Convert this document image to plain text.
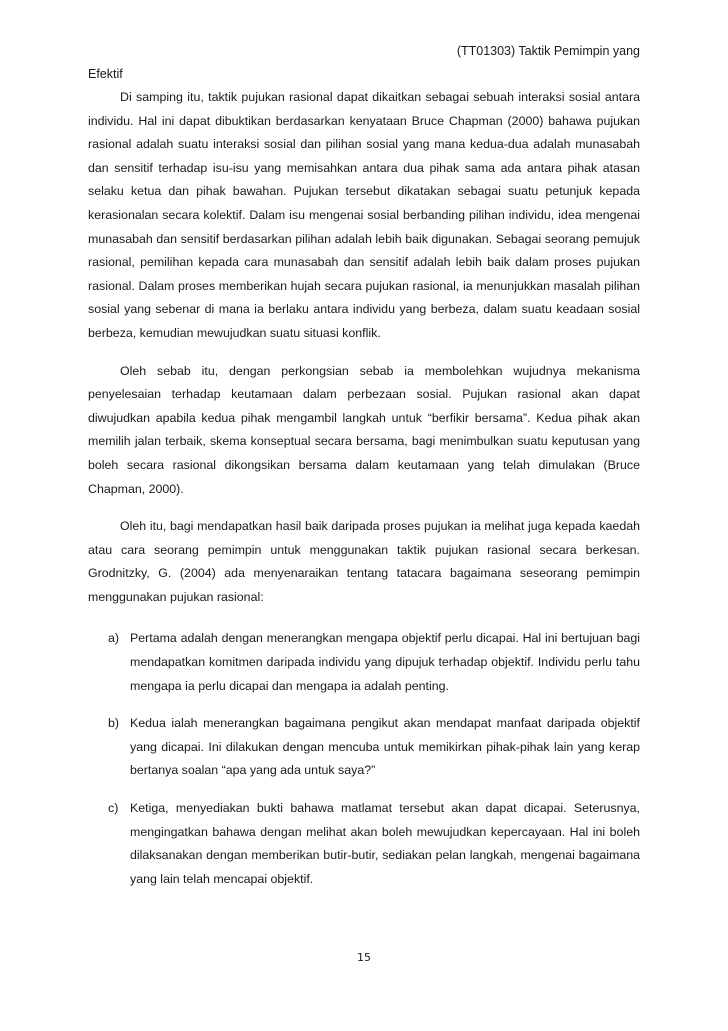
(TT01303) Taktik Pemimpin yang
Efektif

Di samping itu, taktik pujukan rasional dapat dikaitkan sebagai sebuah interaksi sosial antara individu. Hal ini dapat dibuktikan berdasarkan kenyataan Bruce Chapman (2000) bahawa pujukan rasional adalah suatu interaksi sosial dan pilihan sosial yang mana kedua-dua adalah munasabah dan sensitif terhadap isu-isu yang memisahkan antara dua pihak sama ada antara pihak atasan selaku ketua dan pihak bawahan. Pujukan tersebut dikatakan sebagai suatu petunjuk kepada kerasionalan secara kolektif. Dalam isu mengenai sosial berbanding pilihan individu, idea mengenai munasabah dan sensitif berdasarkan pilihan adalah lebih baik digunakan. Sebagai seorang pemujuk rasional, pemilihan kepada cara munasabah dan sensitif adalah lebih baik dalam proses pujukan rasional. Dalam proses memberikan hujah secara pujukan rasional, ia menunjukkan masalah pilihan sosial yang sebenar di mana ia berlaku antara individu yang berbeza, dalam suatu keadaan sosial berbeza, kemudian mewujudkan suatu situasi konflik.

Oleh sebab itu, dengan perkongsian sebab ia membolehkan wujudnya mekanisma penyelesaian terhadap keutamaan dalam perbezaan sosial. Pujukan rasional akan dapat diwujudkan apabila kedua pihak mengambil langkah untuk “berfikir bersama”. Kedua pihak akan memilih jalan terbaik, skema konseptual secara bersama, bagi menimbulkan suatu keputusan yang boleh secara rasional dikongsikan bersama dalam keutamaan yang telah dimulakan (Bruce Chapman, 2000).

Oleh itu, bagi mendapatkan hasil baik daripada proses pujukan ia melihat juga kepada kaedah atau cara seorang pemimpin untuk menggunakan taktik pujukan rasional secara berkesan. Grodnitzky, G. (2004) ada menyenaraikan tentang tatacara bagaimana seseorang pemimpin menggunakan pujukan rasional:

a) Pertama adalah dengan menerangkan mengapa objektif perlu dicapai. Hal ini bertujuan bagi mendapatkan komitmen daripada individu yang dipujuk terhadap objektif. Individu perlu tahu mengapa ia perlu dicapai dan mengapa ia adalah penting.
b) Kedua ialah menerangkan bagaimana pengikut akan mendapat manfaat daripada objektif yang dicapai. Ini dilakukan dengan mencuba untuk memikirkan pihak-pihak lain yang kerap bertanya soalan “apa yang ada untuk saya?”
c) Ketiga, menyediakan bukti bahawa matlamat tersebut akan dapat dicapai. Seterusnya, mengingatkan bahawa dengan melihat akan boleh mewujudkan kepercayaan. Hal ini boleh dilaksanakan dengan memberikan butir-butir, sediakan pelan langkah, mengenai bagaimana yang lain telah mencapai objektif.
15
